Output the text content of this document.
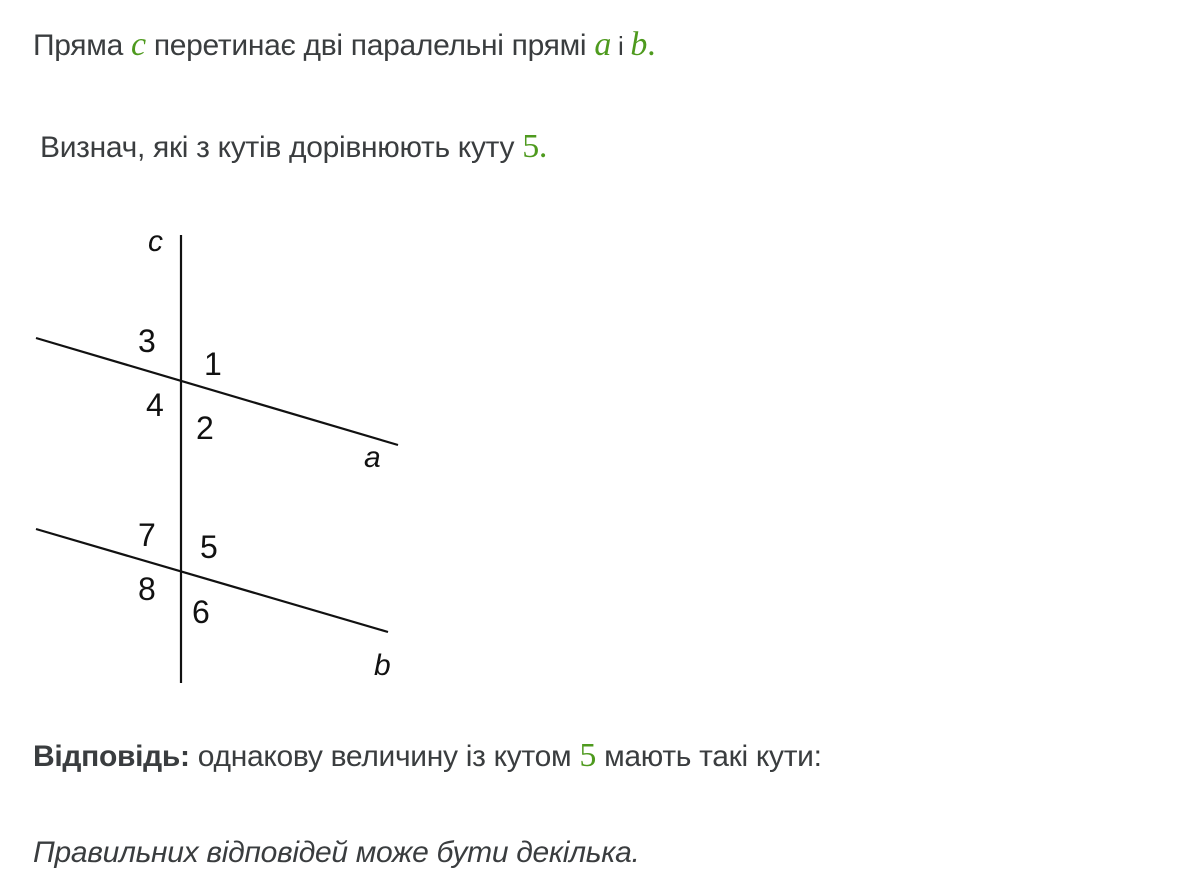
Пряма c перетинає дві паралельні прямі a і b.
Визнач, які з кутів дорівнюють куту 5.
c
a
b
3
1
4
2
7 5
8
6
Відповідь: однакову величину із кутом 5 мають такі кути:
Правильних відповідей може бути декілька.
